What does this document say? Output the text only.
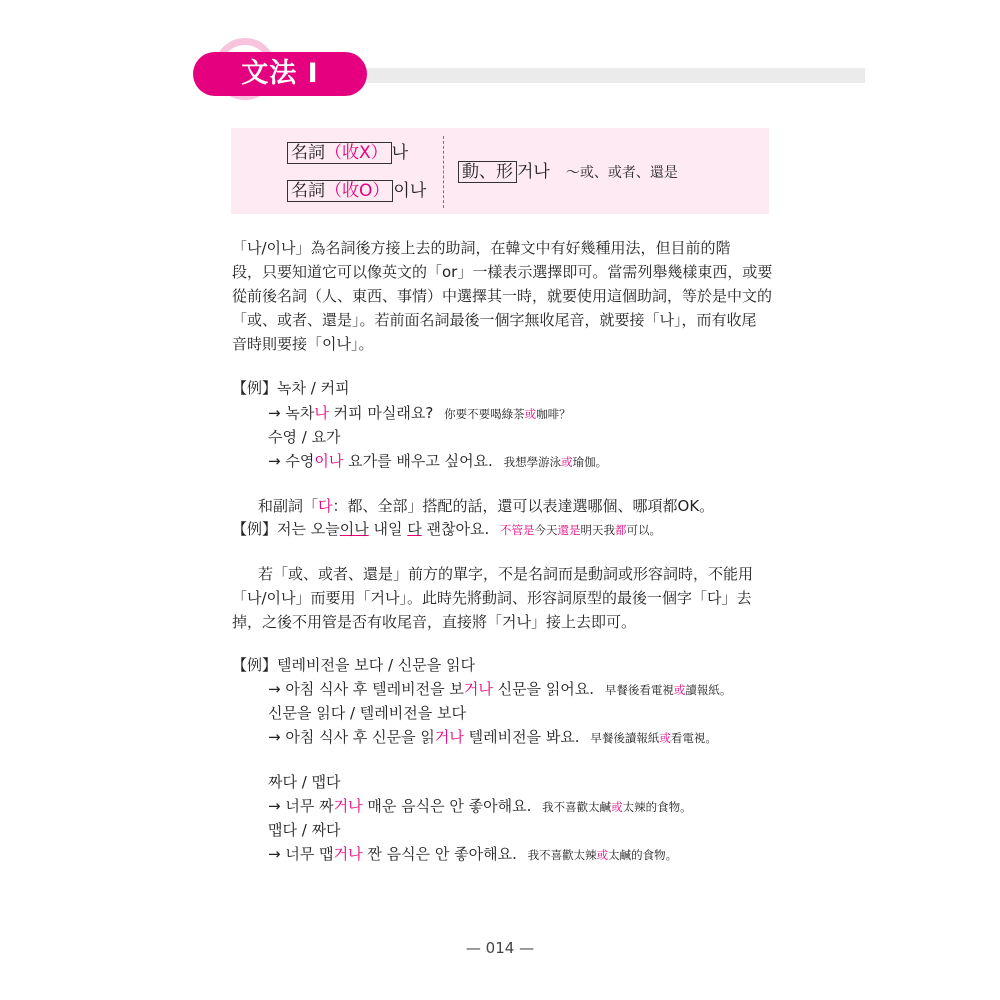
文法 I
名詞（收X） 나
名詞（收O） 이나
動、形 거나 ～或、或者、還是
「나/이나」為名詞後方接上去的助詞，在韓文中有好幾種用法，但目前的階
段，只要知道它可以像英文的「or」一樣表示選擇即可。當需列舉幾樣東西，或要
從前後名詞（人、東西、事情）中選擇其一時，就要使用這個助詞，等於是中文的
「或、或者、還是」。若前面名詞最後一個字無收尾音，就要接「나」，而有收尾
音時則要接「이나」。
【例】녹차 / 커피
→ 녹차나 커피 마실래요? 你要不要喝綠茶或咖啡？
수영 / 요가
→ 수영이나 요가를 배우고 싶어요. 我想學游泳或瑜伽。
和副詞「다：都、全部」搭配的話，還可以表達選哪個、哪項都OK。
【例】저는 오늘이나 내일 다 괜찮아요. 不管是今天還是明天我都可以。
若「或、或者、還是」前方的單字，不是名詞而是動詞或形容詞時，不能用
「나/이나」而要用「거나」。此時先將動詞、形容詞原型的最後一個字「다」去
掉，之後不用管是否有收尾音，直接將「거나」接上去即可。
【例】텔레비전을 보다 / 신문을 읽다
→ 아침 식사 후 텔레비전을 보거나 신문을 읽어요. 早餐後看電視或讀報紙。
신문을 읽다 / 텔레비전을 보다
→ 아침 식사 후 신문을 읽거나 텔레비전을 봐요. 早餐後讀報紙或看電視。
짜다 / 맵다
→ 너무 짜거나 매운 음식은 안 좋아해요. 我不喜歡太鹹或太辣的食物。
맵다 / 짜다
→ 너무 맵거나 짠 음식은 안 좋아해요. 我不喜歡太辣或太鹹的食物。
— 014 —
